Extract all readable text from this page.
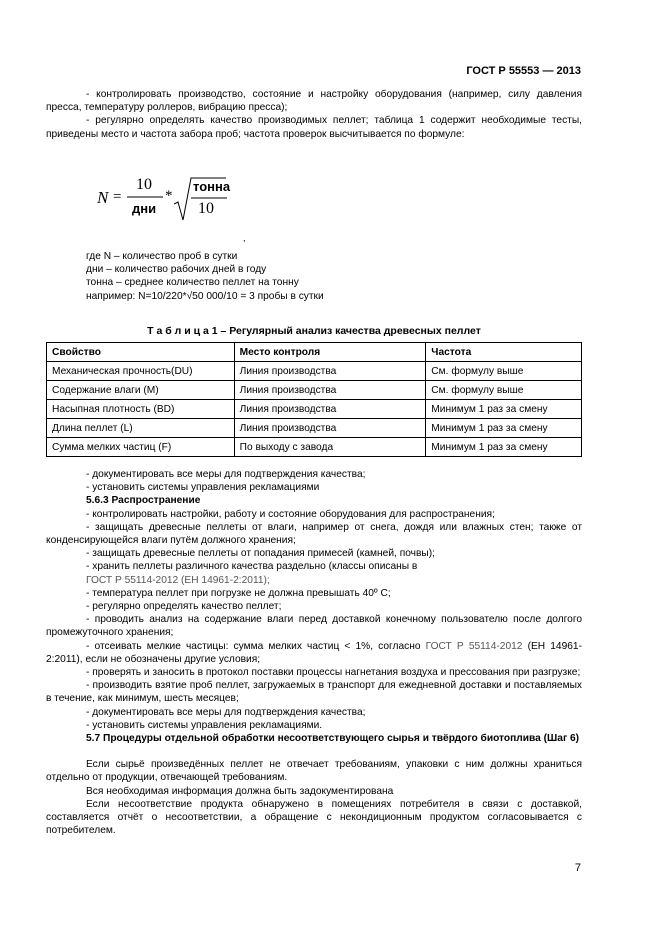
ГОСТ Р 55553 — 2013

- контролировать производство, состояние и настройку оборудования (например, силу давления пресса, температуру роллеров, вибрацию пресса);

- регулярно определять качество производимых пеллет; таблица 1 содержит необходимые тесты, приведены место и частота забора проб; частота проверок высчитывается по формуле:

N =
10
дни
*
тонна
10
,

где N – количество проб в сутки

дни – количество рабочих дней в году

тонна – среднее количество пеллет на тонну

например: N=10/220*√50 000/10 = 3 пробы в сутки

Т а б л и ц а 1 – Регулярный анализ качества древесных пеллет
Свойство	Место контроля	Частота
Механическая прочность(DU)	Линия производства	См. формулу выше
Содержание влаги (M)	Линия производства	См. формулу выше
Насыпная плотность (BD)	Линия производства	Минимум 1 раз за смену
Длина пеллет (L)	Линия производства	Минимум 1 раз за смену
Сумма мелких частиц (F)	По выходу с завода	Минимум 1 раз за смену

- документировать все меры для подтверждения качества;

- установить системы управления рекламациями

5.6.3 Распространение

- контролировать настройки, работу и состояние оборудования для распространения;

- защищать древесные пеллеты от влаги, например от снега, дождя или влажных стен; также от конденсирующейся влаги путём должного хранения;

- защищать древесные пеллеты от попадания примесей (камней, почвы);

- хранить пеллеты различного качества раздельно (классы описаны в

ГОСТ Р 55114-2012 (ЕН 14961-2:2011);

- температура пеллет при погрузке не должна превышать 40º С;

- регулярно определять качество пеллет;

- проводить анализ на содержание влаги перед доставкой конечному пользователю после долгого промежуточного хранения;

- отсеивать мелкие частицы: сумма мелких частиц < 1%, согласно ГОСТ Р 55114-2012 (ЕН 14961-2:2011), если не обозначены другие условия;

- проверять и заносить в протокол поставки процессы нагнетания воздуха и прессования при разгрузке;

- производить взятие проб пеллет, загружаемых в транспорт для ежедневной доставки и поставляемых в течение, как минимум, шесть месяцев;

- документировать все меры для подтверждения качества;

- установить системы управления рекламациями.

5.7 Процедуры отдельной обработки несоответствующего сырья и твёрдого биотоплива (Шаг 6)

Если сырьё произведённых пеллет не отвечает требованиям, упаковки с ним должны храниться отдельно от продукции, отвечающей требованиям.

Вся необходимая информация должна быть задокументирована

Если несоответствие продукта обнаружено в помещениях потребителя в связи с доставкой, составляется отчёт о несоответствии, а обращение с некондиционным продуктом согласовывается с потребителем.

7
